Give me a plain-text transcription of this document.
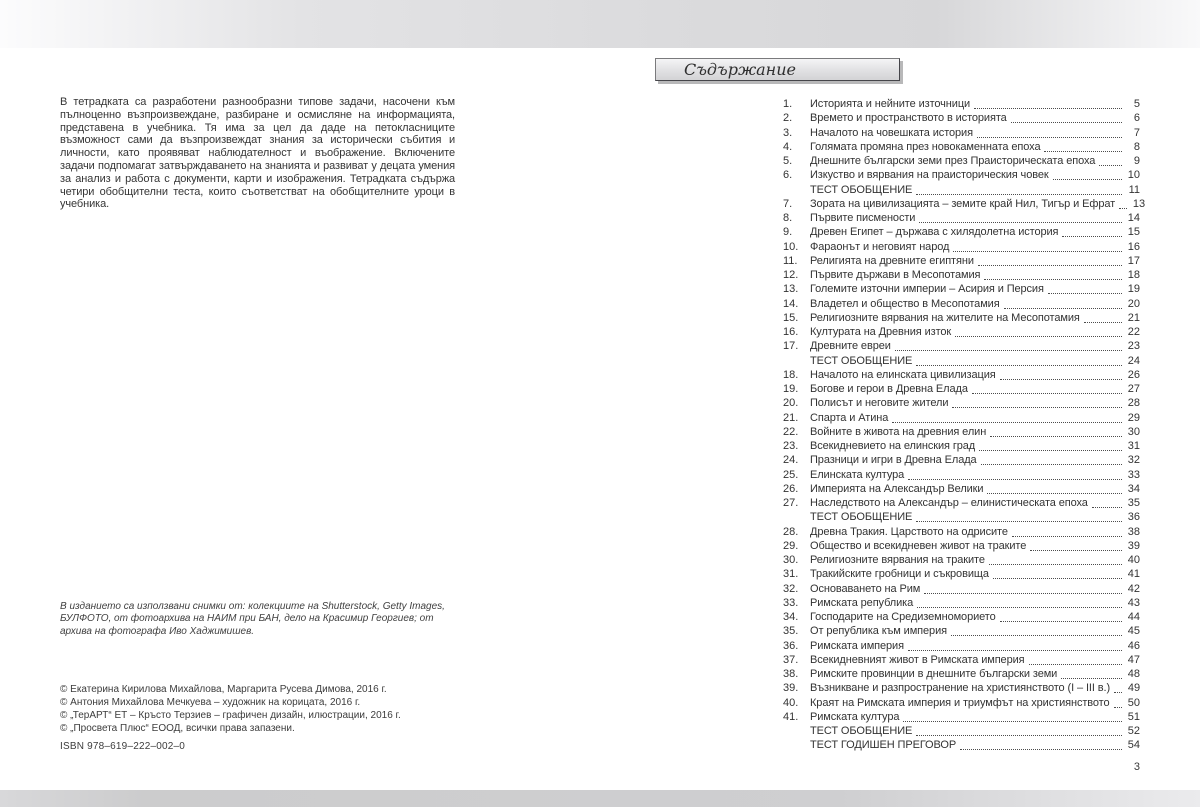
В тетрадката са разработени разнообразни типове задачи, насочени към пълноценно възпроизвеждане, разбиране и осмисляне на информацията, представена в учебника. Тя има за цел да даде на петокласниците възможност сами да възпроизвеждат знания за исторически събития и личности, като проявяват наблюдателност и въображение. Включените задачи подпомагат затвърждаването на знанията и развиват у децата умения за анализ и работа с документи, карти и изображения. Тетрадката съдържа четири обобщителни теста, които съответстват на обобщителните уроци в учебника.

В изданието са използвани снимки от: колекциите на Shutterstock, Getty Images, БУЛФОТО, от фотоархива на НАИМ при БАН, дело на Красимир Георгиев; от архива на фотографа Иво Хаджимишев.

© Екатерина Кирилова Михайлова, Маргарита Русева Димова, 2016 г.
© Антония Михайлова Мечкуева – художник на корицата, 2016 г.
© „ТерАРТ“ ЕТ – Кръсто Терзиев – графичен дизайн, илюстрации, 2016 г.
© „Просвета Плюс“ ЕООД, всички права запазени.
ISBN 978–619–222–002–0
Съдържание
1.	Историята и нейните източници	5
2.	Времето и пространството в историята	6
3.	Началото на човешката история	7
4.	Голямата промяна през новокаменната епоха	8
5.	Днешните български земи през Праисторическата епоха	9
6.	Изкуство и вярвания на праисторическия човек	10
ТЕСТ ОБОБЩЕНИЕ	11
7.	Зората на цивилизацията – земите край Нил, Тигър и Ефрат 13
8.	Първите писмености	14
9.	Древен Египет – държава с хилядолетна история	15
10.	Фараонът и неговият народ	16
11.	Религията на древните египтяни	17
12.	Първите държави в Месопотамия	18
13.	Големите източни империи – Асирия и Персия	19
14.	Владетел и общество в Месопотамия	20
15.	Религиозните вярвания на жителите на Месопотамия	21
16.	Културата на Древния изток	22
17.	Древните евреи	23
ТЕСТ ОБОБЩЕНИЕ	24
18.	Началото на елинската цивилизация	26
19.	Богове и герои в Древна Елада	27
20.	Полисът и неговите жители	28
21.	Спарта и Атина	29
22.	Войните в живота на древния елин	30
23.	Всекидневието на елинския град	31
24.	Празници и игри в Древна Елада	32
25.	Елинската култура	33
26.	Империята на Александър Велики	34
27.	Наследството на Александър – елинистическата епоха	35
ТЕСТ ОБОБЩЕНИЕ	36
28.	Древна Тракия. Царството на одрисите	38
29.	Общество и всекидневен живот на траките	39
30.	Религиозните вярвания на траките	40
31.	Тракийските гробници и съкровища	41
32.	Основаването на Рим	42
33.	Римската република	43
34.	Господарите на Средиземноморието	44
35.	От република към империя	45
36.	Римската империя	46
37.	Всекидневният живот в Римската империя	47
38.	Римските провинции в днешните български земи	48
39.	Възникване и разпространение на християнството (I – III в.) 49
40.	Краят на Римската империя и триумфът на християнството 50
41.	Римската култура	51
ТЕСТ ОБОБЩЕНИЕ	52
ТЕСТ ГОДИШЕН ПРЕГОВОР	54
3
